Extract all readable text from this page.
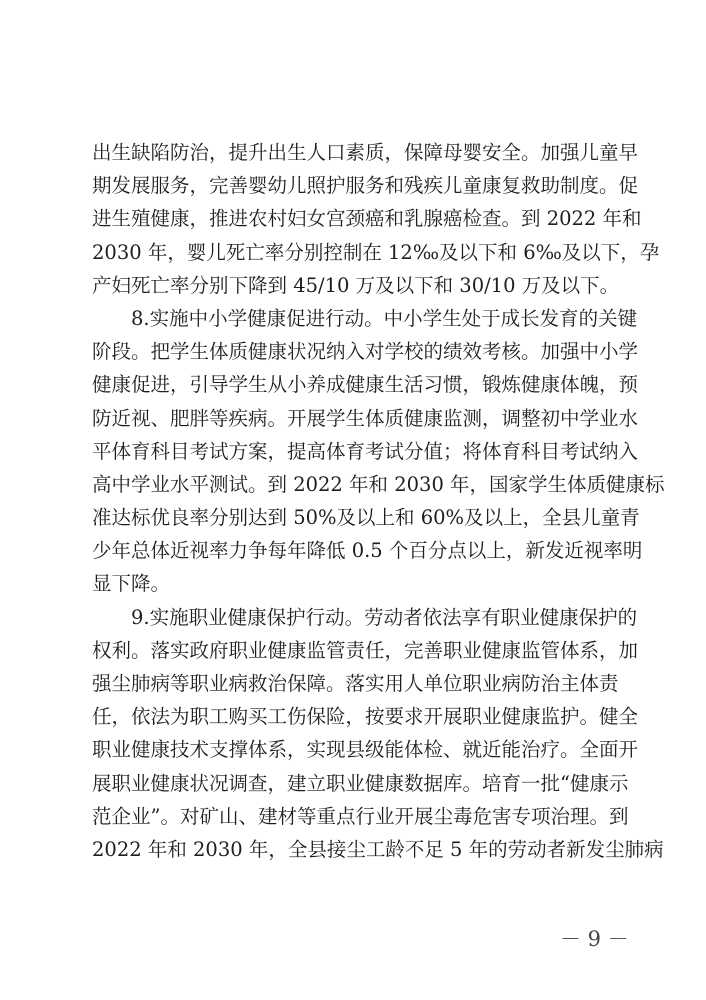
出生缺陷防治，提升出生人口素质，保障母婴安全。加强儿童早
期发展服务，完善婴幼儿照护服务和残疾儿童康复救助制度。促
进生殖健康，推进农村妇女宫颈癌和乳腺癌检查。到 2022 年和
2030 年，婴儿死亡率分别控制在 12‰及以下和 6‰及以下，孕
产妇死亡率分别下降到 45/10 万及以下和 30/10 万及以下。
8.实施中小学健康促进行动。中小学生处于成长发育的关键
阶段。把学生体质健康状况纳入对学校的绩效考核。加强中小学
健康促进，引导学生从小养成健康生活习惯，锻炼健康体魄，预
防近视、肥胖等疾病。开展学生体质健康监测，调整初中学业水
平体育科目考试方案，提高体育考试分值；将体育科目考试纳入
高中学业水平测试。到 2022 年和 2030 年，国家学生体质健康标
准达标优良率分别达到 50%及以上和 60%及以上，全县儿童青
少年总体近视率力争每年降低 0.5 个百分点以上，新发近视率明
显下降。
9.实施职业健康保护行动。劳动者依法享有职业健康保护的
权利。落实政府职业健康监管责任，完善职业健康监管体系，加
强尘肺病等职业病救治保障。落实用人单位职业病防治主体责
任，依法为职工购买工伤保险，按要求开展职业健康监护。健全
职业健康技术支撑体系，实现县级能体检、就近能治疗。全面开
展职业健康状况调查，建立职业健康数据库。培育一批“健康示
范企业”。对矿山、建材等重点行业开展尘毒危害专项治理。到
2022 年和 2030 年，全县接尘工龄不足 5 年的劳动者新发尘肺病
－ 9 －
